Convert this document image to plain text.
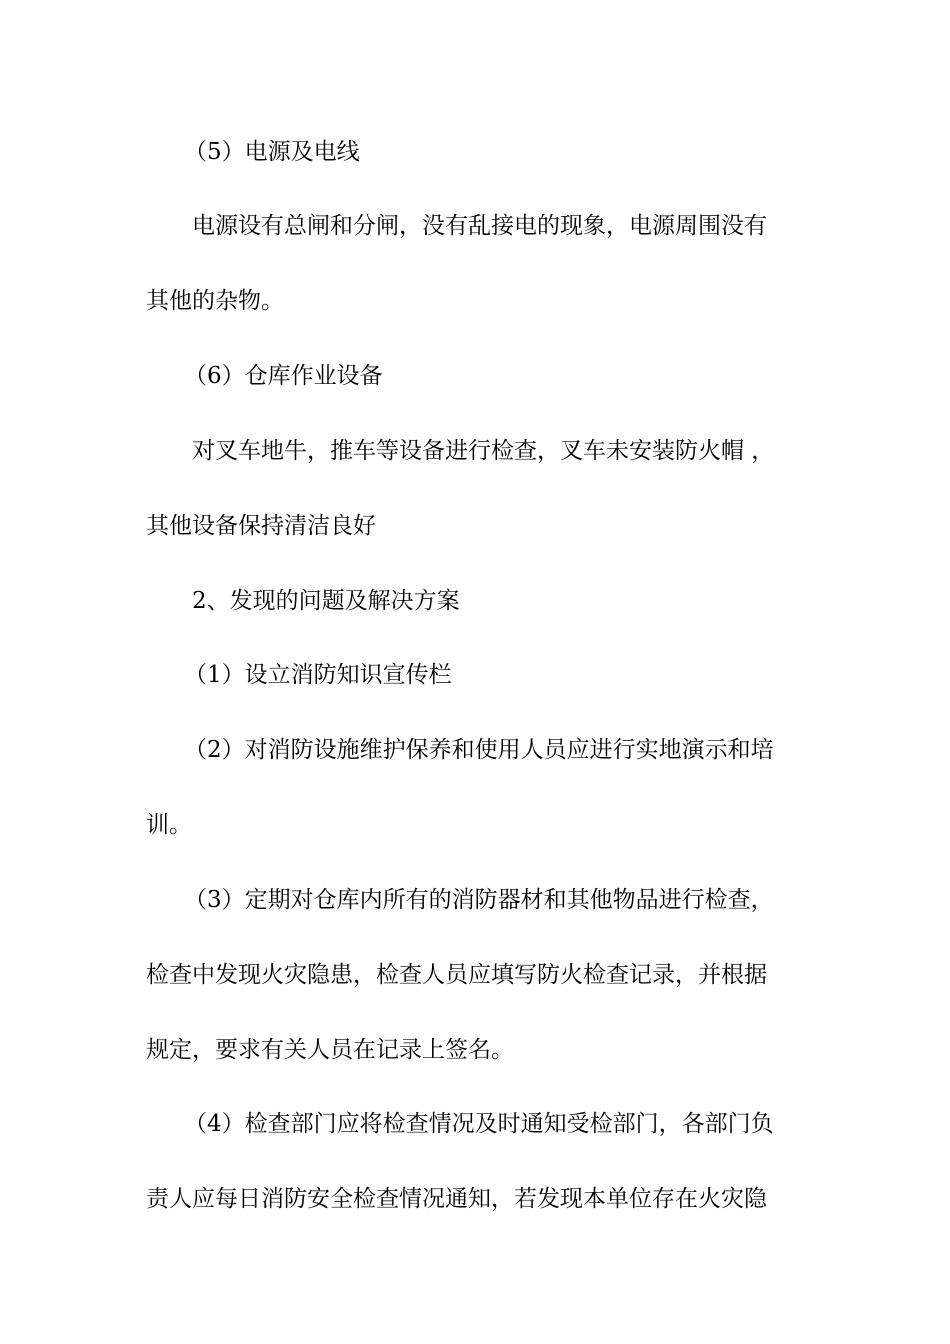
（5）电源及电线
电源设有总闸和分闸，没有乱接电的现象，电源周围没有
其他的杂物。
（6）仓库作业设备
对叉车地牛，推车等设备进行检查，叉车未安装防火帽 ，
其他设备保持清洁良好
2、发现的问题及解决方案
（1）设立消防知识宣传栏
（2）对消防设施维护保养和使用人员应进行实地演示和培
训。
（3）定期对仓库内所有的消防器材和其他物品进行检查，
检查中发现火灾隐患，检查人员应填写防火检查记录，并根据
规定，要求有关人员在记录上签名。
（4）检查部门应将检查情况及时通知受检部门，各部门负
责人应每日消防安全检查情况通知，若发现本单位存在火灾隐
